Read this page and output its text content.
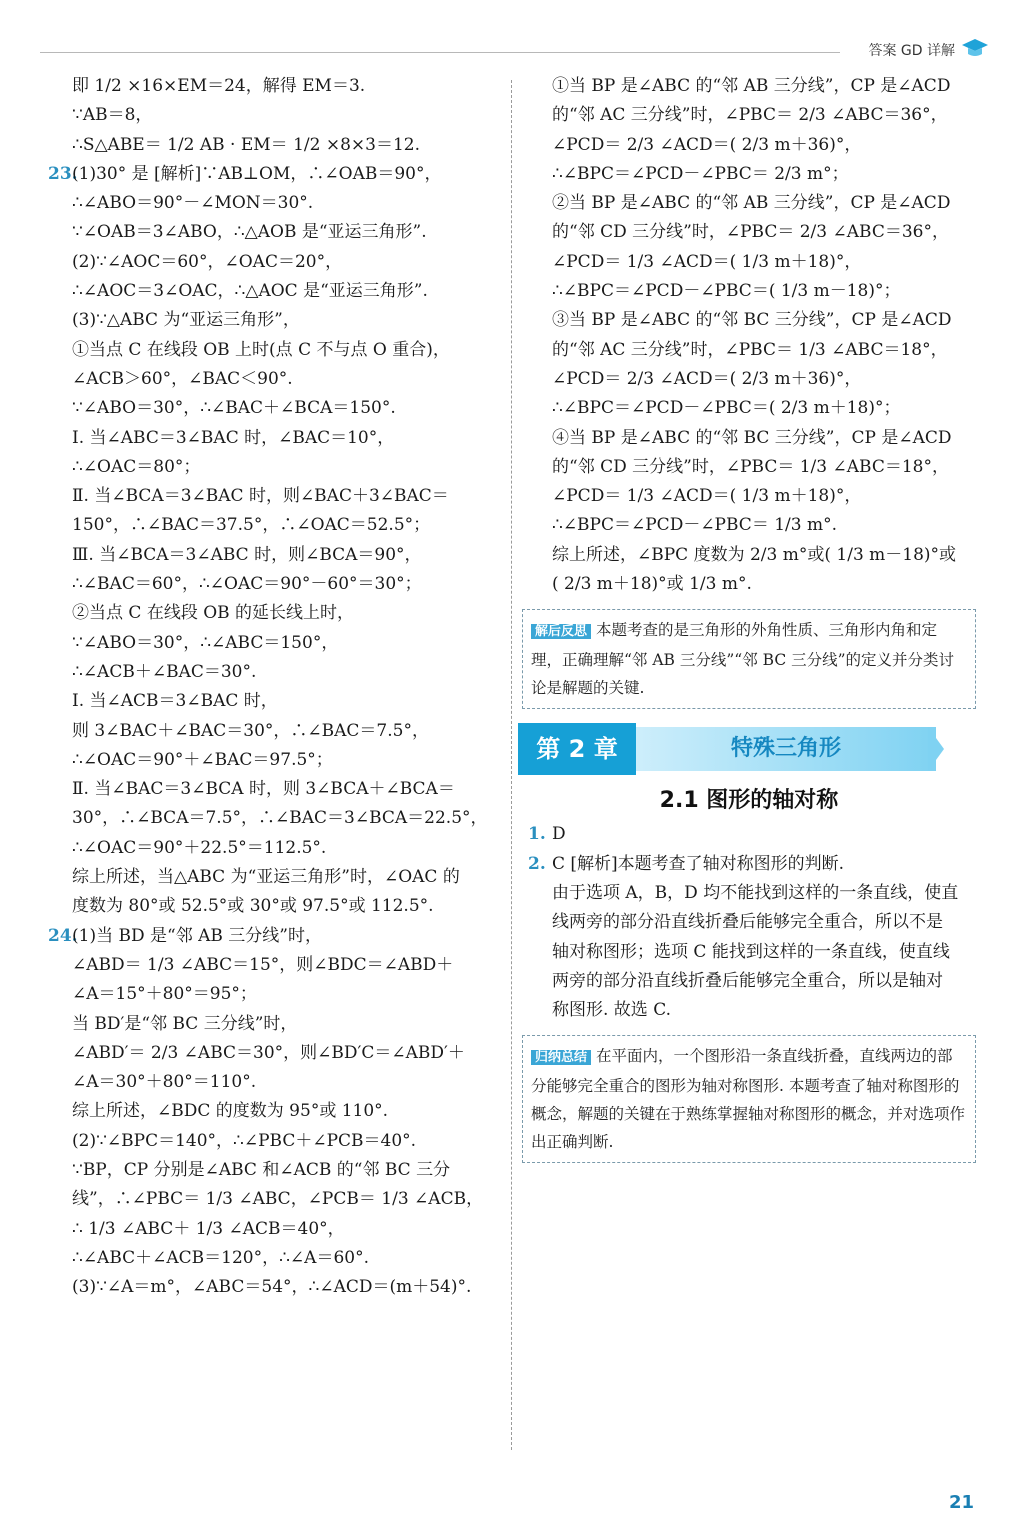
答案 GD 详解
即 1/2 ×16×EM＝24，解得 EM＝3.
∵AB＝8，
∴S△ABE＝ 1/2 AB · EM＝ 1/2 ×8×3＝12.
23.(1)30° 是 [解析]∵AB⊥OM，∴∠OAB＝90°，
∴∠ABO＝90°－∠MON＝30°.
∵∠OAB＝3∠ABO，∴△AOB 是“亚运三角形”.
(2)∵∠AOC＝60°，∠OAC＝20°，
∴∠AOC＝3∠OAC，∴△AOC 是“亚运三角形”.
(3)∵△ABC 为“亚运三角形”，
①当点 C 在线段 OB 上时(点 C 不与点 O 重合)，
∠ACB＞60°，∠BAC＜90°.
∵∠ABO＝30°，∴∠BAC＋∠BCA＝150°.
Ⅰ. 当∠ABC＝3∠BAC 时，∠BAC＝10°，
∴∠OAC＝80°；
Ⅱ. 当∠BCA＝3∠BAC 时，则∠BAC＋3∠BAC＝
150°，∴∠BAC＝37.5°，∴∠OAC＝52.5°；
Ⅲ. 当∠BCA＝3∠ABC 时，则∠BCA＝90°，
∴∠BAC＝60°，∴∠OAC＝90°－60°＝30°；
②当点 C 在线段 OB 的延长线上时，
∵∠ABO＝30°，∴∠ABC＝150°，
∴∠ACB＋∠BAC＝30°.
Ⅰ. 当∠ACB＝3∠BAC 时，
则 3∠BAC＋∠BAC＝30°，∴∠BAC＝7.5°，
∴∠OAC＝90°＋∠BAC＝97.5°；
Ⅱ. 当∠BAC＝3∠BCA 时，则 3∠BCA＋∠BCA＝
30°，∴∠BCA＝7.5°，∴∠BAC＝3∠BCA＝22.5°，
∴∠OAC＝90°＋22.5°＝112.5°.
综上所述，当△ABC 为“亚运三角形”时，∠OAC 的
度数为 80°或 52.5°或 30°或 97.5°或 112.5°.
24.(1)当 BD 是“邻 AB 三分线”时，
∠ABD＝ 1/3 ∠ABC＝15°，则∠BDC＝∠ABD＋
∠A＝15°＋80°＝95°；
当 BD′是“邻 BC 三分线”时，
∠ABD′＝ 2/3 ∠ABC＝30°，则∠BD′C＝∠ABD′＋
∠A＝30°＋80°＝110°.
综上所述，∠BDC 的度数为 95°或 110°.
(2)∵∠BPC＝140°，∴∠PBC＋∠PCB＝40°.
∵BP，CP 分别是∠ABC 和∠ACB 的“邻 BC 三分
线”，∴∠PBC＝ 1/3 ∠ABC，∠PCB＝ 1/3 ∠ACB，
∴ 1/3 ∠ABC＋ 1/3 ∠ACB＝40°，
∴∠ABC＋∠ACB＝120°，∴∠A＝60°.
(3)∵∠A＝m°，∠ABC＝54°，∴∠ACD＝(m＋54)°.
①当 BP 是∠ABC 的“邻 AB 三分线”，CP 是∠ACD
的“邻 AC 三分线”时，∠PBC＝ 2/3 ∠ABC＝36°，
∠PCD＝ 2/3 ∠ACD＝( 2/3 m＋36)°，
∴∠BPC＝∠PCD－∠PBC＝ 2/3 m°；
②当 BP 是∠ABC 的“邻 AB 三分线”，CP 是∠ACD
的“邻 CD 三分线”时，∠PBC＝ 2/3 ∠ABC＝36°，
∠PCD＝ 1/3 ∠ACD＝( 1/3 m＋18)°，
∴∠BPC＝∠PCD－∠PBC＝( 1/3 m－18)°；
③当 BP 是∠ABC 的“邻 BC 三分线”，CP 是∠ACD
的“邻 AC 三分线”时，∠PBC＝ 1/3 ∠ABC＝18°，
∠PCD＝ 2/3 ∠ACD＝( 2/3 m＋36)°，
∴∠BPC＝∠PCD－∠PBC＝( 2/3 m＋18)°；
④当 BP 是∠ABC 的“邻 BC 三分线”，CP 是∠ACD
的“邻 CD 三分线”时，∠PBC＝ 1/3 ∠ABC＝18°，
∠PCD＝ 1/3 ∠ACD＝( 1/3 m＋18)°，
∴∠BPC＝∠PCD－∠PBC＝ 1/3 m°.
综上所述，∠BPC 度数为 2/3 m°或( 1/3 m－18)°或
( 2/3 m＋18)°或 1/3 m°.
解后反思 本题考查的是三角形的外角性质、三角形内角和定理，正确理解“邻 AB 三分线”“邻 BC 三分线”的定义并分类讨论是解题的关键.
第 2 章	特殊三角形
2.1 图形的轴对称
1. D
2. C [解析]本题考查了轴对称图形的判断.
由于选项 A，B，D 均不能找到这样的一条直线，使直
线两旁的部分沿直线折叠后能够完全重合，所以不是
轴对称图形；选项 C 能找到这样的一条直线，使直线
两旁的部分沿直线折叠后能够完全重合，所以是轴对
称图形. 故选 C.
归纳总结 在平面内，一个图形沿一条直线折叠，直线两边的部分能够完全重合的图形为轴对称图形. 本题考查了轴对称图形的概念，解题的关键在于熟练掌握轴对称图形的概念，并对选项作出正确判断.
21
